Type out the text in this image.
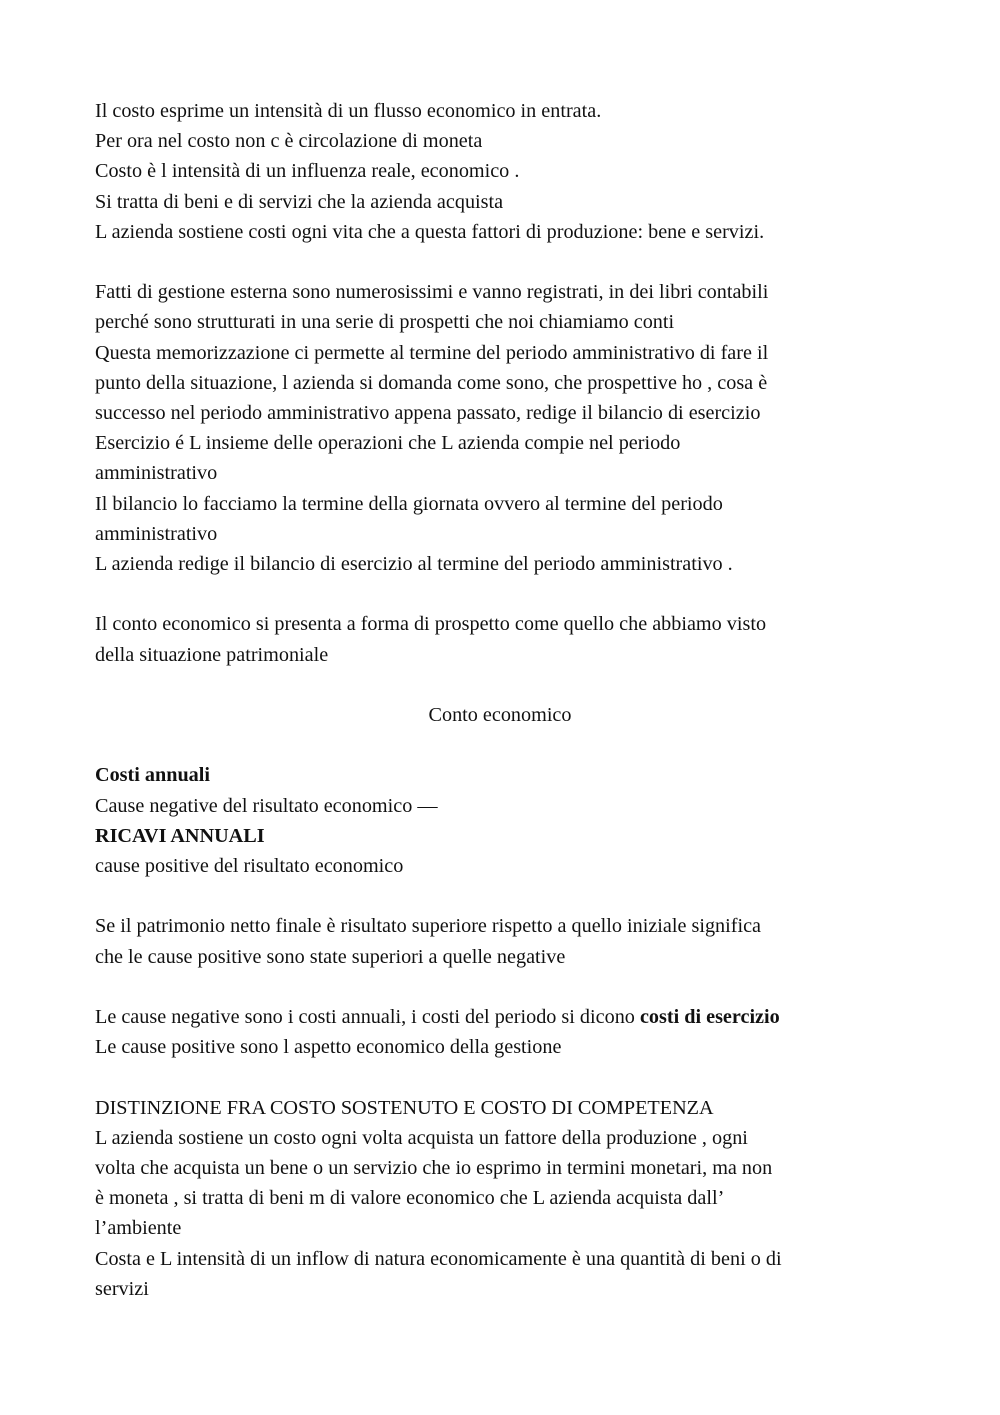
Il costo esprime un intensità di un flusso economico in entrata.
Per ora nel costo non c è circolazione di moneta
Costo è l intensità di un influenza reale, economico .
Si tratta di beni e di servizi che la azienda acquista
L azienda sostiene costi ogni vita che a questa fattori di produzione: bene e servizi.
Fatti di gestione esterna sono numerosissimi e vanno registrati, in dei libri contabili
perché sono strutturati in una serie di prospetti che noi chiamiamo conti
Questa memorizzazione ci permette al termine del periodo amministrativo di fare il
punto della situazione, l azienda si domanda come sono, che prospettive ho , cosa è
successo nel periodo amministrativo appena passato, redige il bilancio di esercizio
Esercizio é L insieme delle operazioni che L azienda compie nel periodo
amministrativo
Il bilancio lo facciamo la termine della giornata ovvero al termine del periodo
amministrativo
L azienda redige il bilancio di esercizio al termine del periodo amministrativo .
Il conto economico si presenta a forma di prospetto come quello che abbiamo visto
della situazione patrimoniale
Conto economico
Costi annuali
Cause negative del risultato economico —
RICAVI ANNUALI
cause positive del risultato economico
Se il patrimonio netto finale è risultato superiore rispetto a quello iniziale significa
che le cause positive sono state superiori a quelle negative
Le cause negative sono i costi annuali, i costi del periodo si dicono costi di esercizio
Le cause positive sono l aspetto economico della gestione
DISTINZIONE FRA COSTO SOSTENUTO E COSTO DI COMPETENZA
L azienda sostiene un costo ogni volta acquista un fattore della produzione , ogni
volta che acquista un bene o un servizio che io esprimo in termini monetari, ma non
è moneta , si tratta di beni m di valore economico che L azienda acquista dall’
l’ambiente
Costa e L intensità di un inflow di natura economicamente è una quantità di beni o di
servizi
